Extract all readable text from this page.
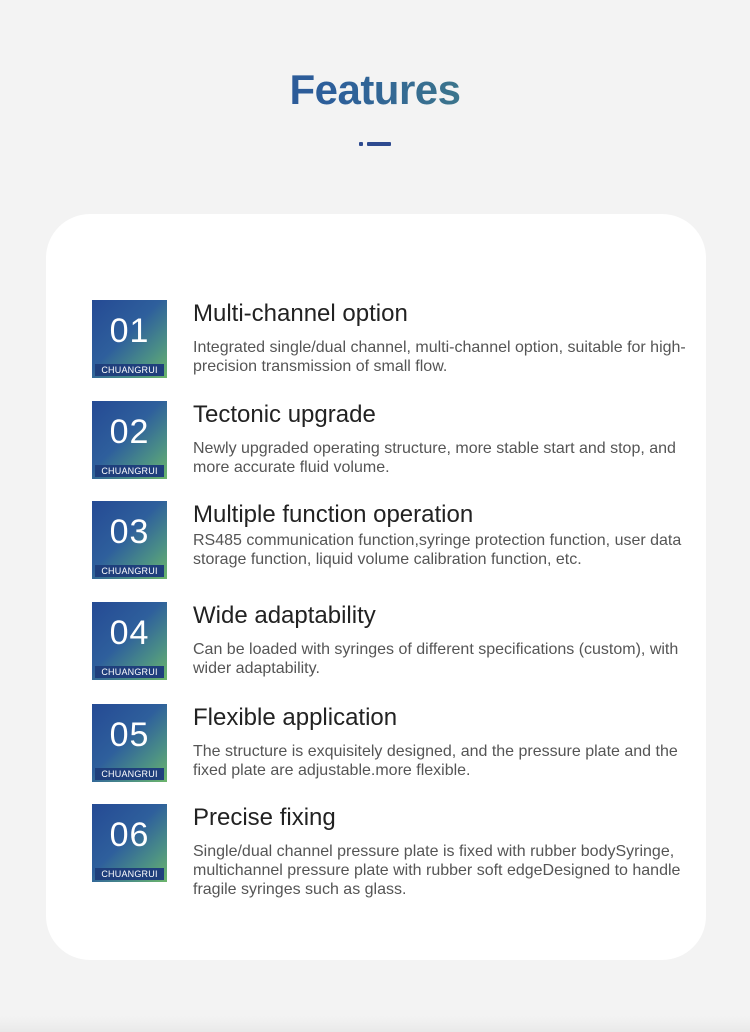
Features
01
CHUANGRUI
Multi-channel option
Integrated single/dual channel, multi-channel option, suitable for high-precision transmission of small flow.
02
CHUANGRUI
Tectonic upgrade
Newly upgraded operating structure, more stable start and stop, and more accurate fluid volume.
03
CHUANGRUI
Multiple function operation
RS485 communication function,syringe protection function, user data storage function, liquid volume calibration function, etc.
04
CHUANGRUI
Wide adaptability
Can be loaded with syringes of different specifications (custom), with wider adaptability.
05
CHUANGRUI
Flexible application
The structure is exquisitely designed, and the pressure plate and the fixed plate are adjustable.more flexible.
06
CHUANGRUI
Precise fixing
Single/dual channel pressure plate is fixed with rubber bodySyringe, multichannel pressure plate with rubber soft edgeDesigned to handle fragile syringes such as glass.
